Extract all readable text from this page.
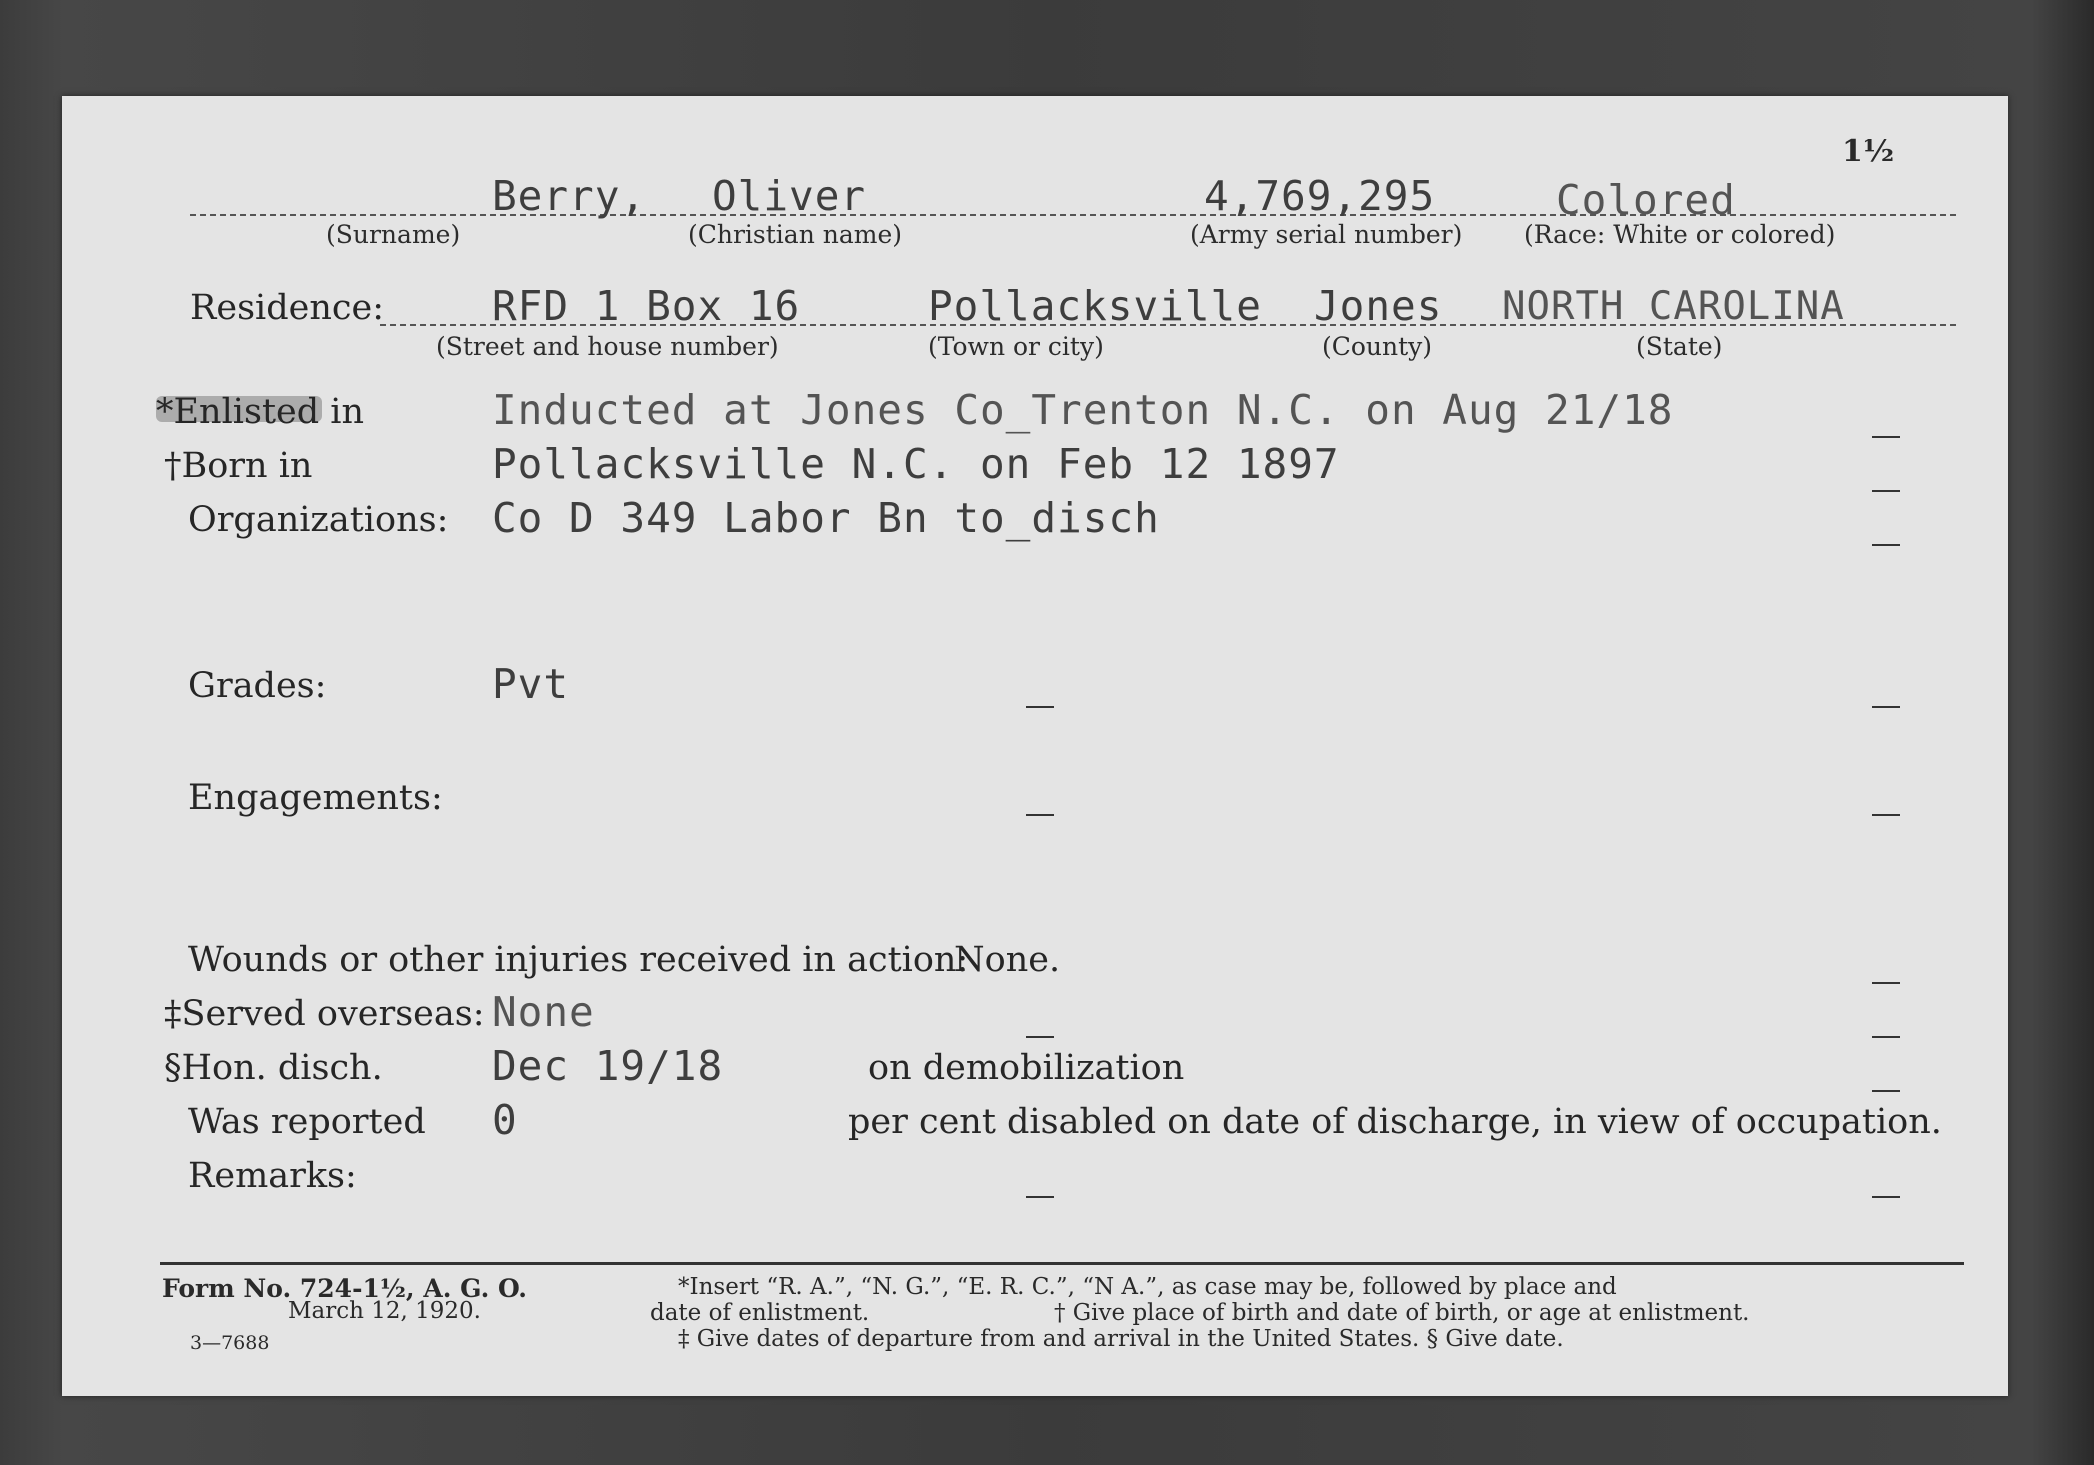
1½
Berry, Oliver	4,769,295	Colored
(Surname)	(Christian name)	(Army serial number) (Race: White or colored)
Residence:	RFD 1 Box 16	Pollacksville Jones NORTH CAROLINA
(Street and house number)	(Town or city)	(County)	(State)
*Enlisted in	Inducted at Jones Co_Trenton N.C. on Aug 21/18
†Born in	Pollacksville N.C. on Feb 12 1897
Organizations: Co D 349 Labor Bn to_disch
Grades:	Pvt
Engagements:
Wounds or other injuries received in action:
None.
‡Served overseas: None
§Hon. disch.	Dec 19/18	on demobilization
Was reported 0	per cent disabled on date of discharge, in view of occupation.
Remarks:
Form No. 724-1½, A. G. O.
March 12, 1920.
3—7688
*Insert “R. A.”, “N. G.”, “E. R. C.”, “N A.”, as case may be, followed by place and
date of enlistment.	† Give place of birth and date of birth, or age at enlistment.
‡ Give dates of departure from and arrival in the United States. § Give date.
